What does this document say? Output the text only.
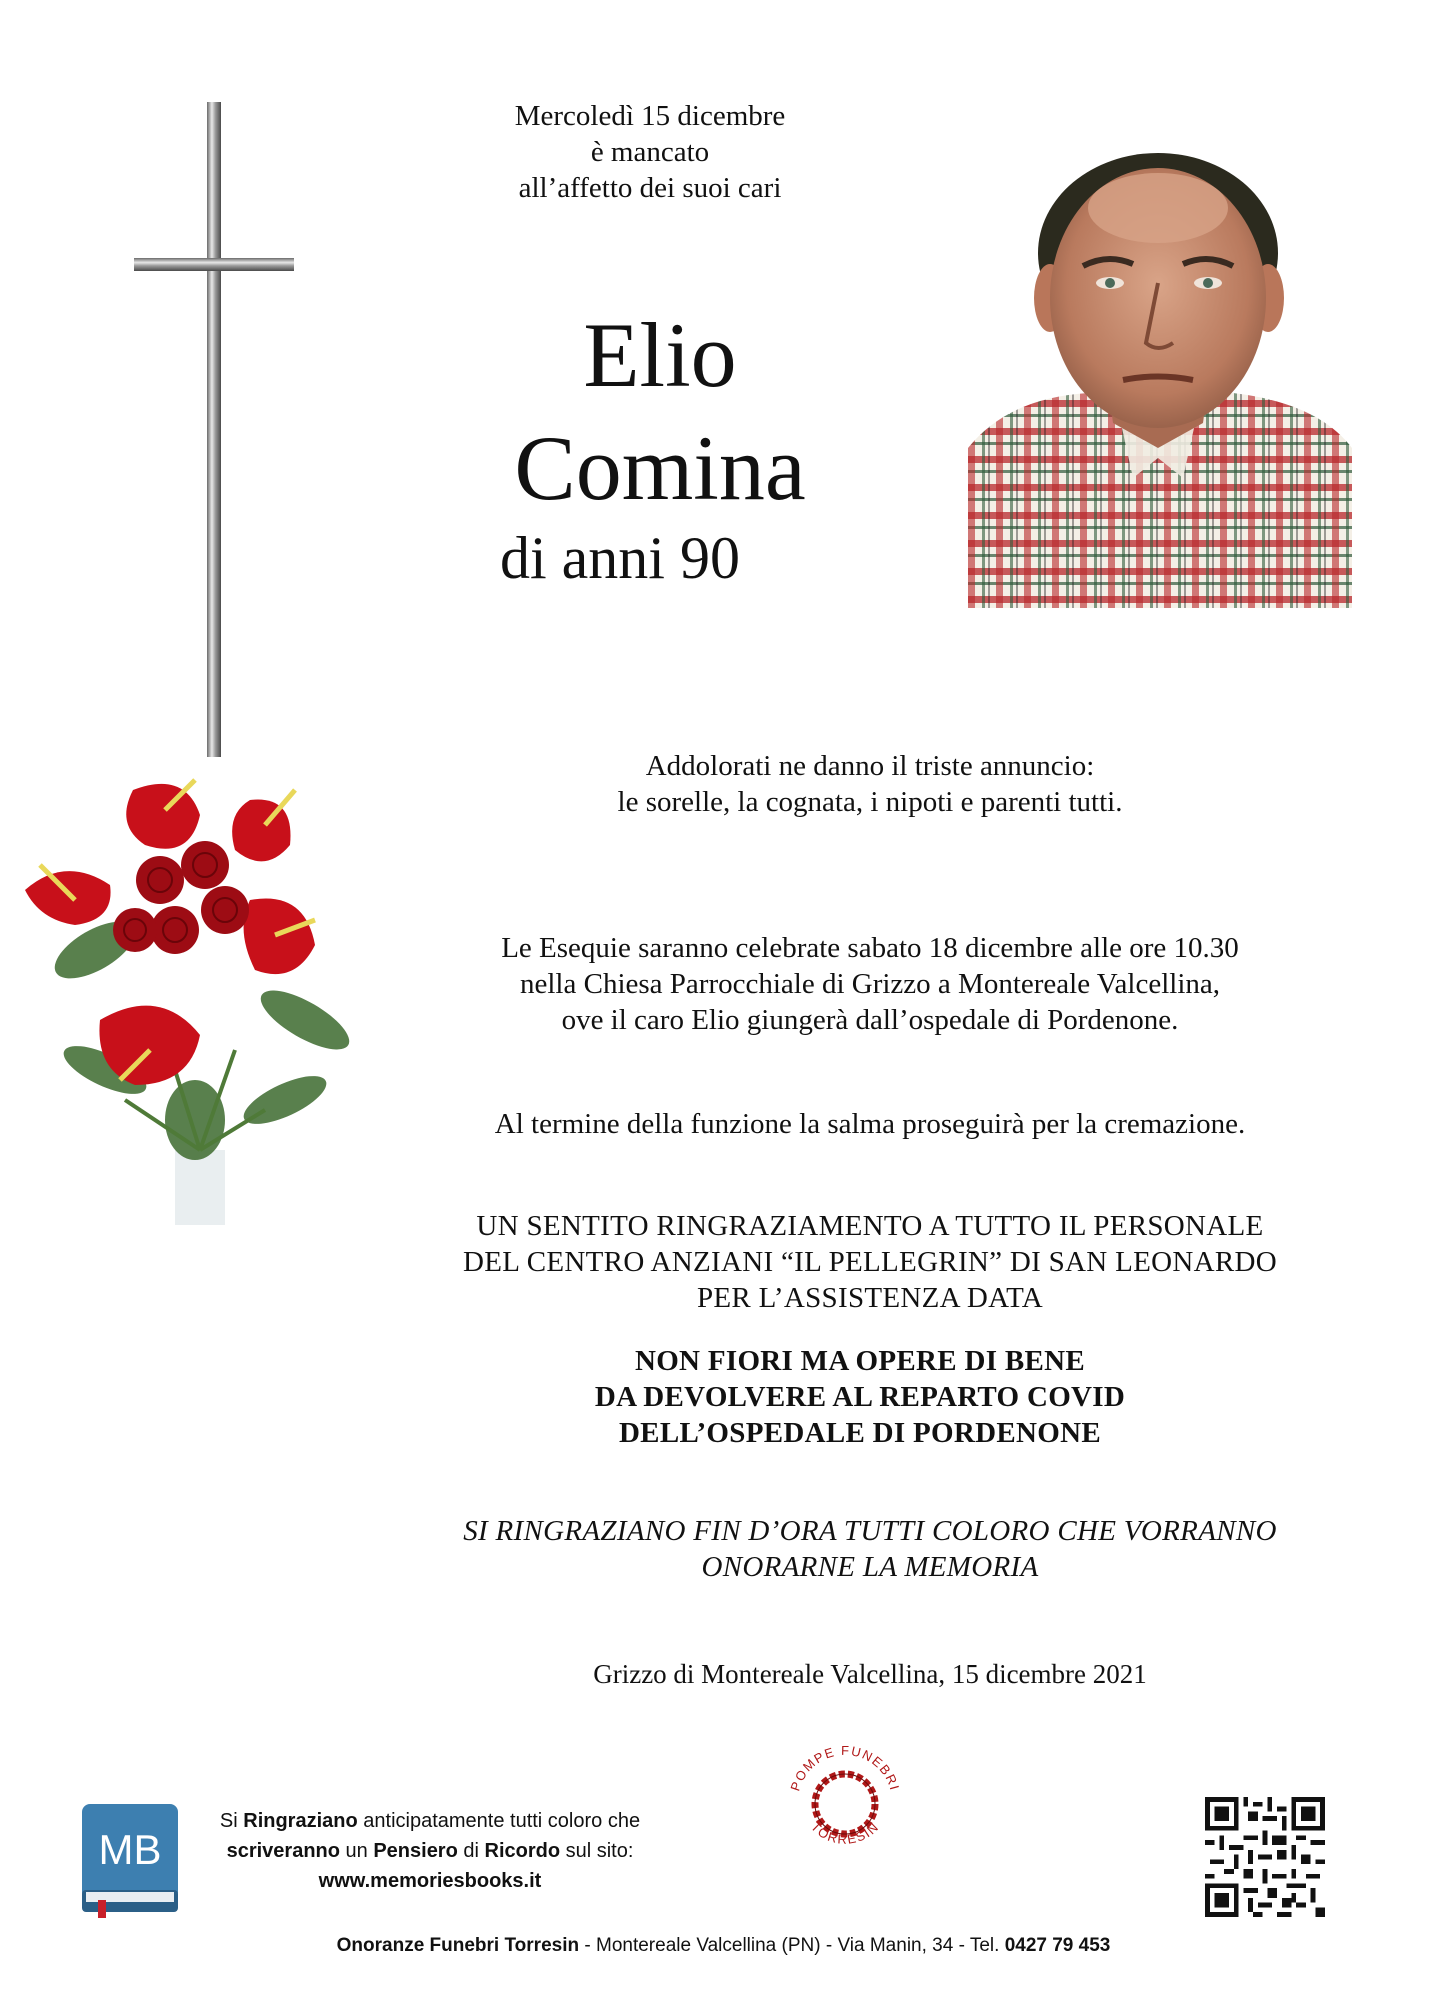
Mercoledì 15 dicembre
è mancato
all’affetto dei suoi cari
Elio
Comina
di anni 90
Addolorati ne danno il triste annuncio:
le sorelle, la cognata, i nipoti e parenti tutti.
Le Esequie saranno celebrate sabato 18 dicembre alle ore 10.30
nella Chiesa Parrocchiale di Grizzo a Montereale Valcellina,
ove il caro Elio giungerà dall’ospedale di Pordenone.
Al termine della funzione la salma proseguirà per la cremazione.
UN SENTITO RINGRAZIAMENTO A TUTTO IL PERSONALE
DEL CENTRO ANZIANI “IL PELLEGRIN” DI SAN LEONARDO
PER L’ASSISTENZA DATA
NON FIORI MA OPERE DI BENE
DA DEVOLVERE AL REPARTO COVID
DELL’OSPEDALE DI PORDENONE
SI RINGRAZIANO FIN D’ORA TUTTI COLORO CHE VORRANNO
ONORARNE LA MEMORIA
Grizzo di Montereale Valcellina, 15 dicembre 2021
MB
Si Ringraziano anticipatamente tutti coloro che
scriveranno un Pensiero di Ricordo sul sito:
www.memoriesbooks.it
POMPE FUNEBRI
TORRESIN
Onoranze Funebri Torresin - Montereale Valcellina (PN) - Via Manin, 34 - Tel. 0427 79 453
